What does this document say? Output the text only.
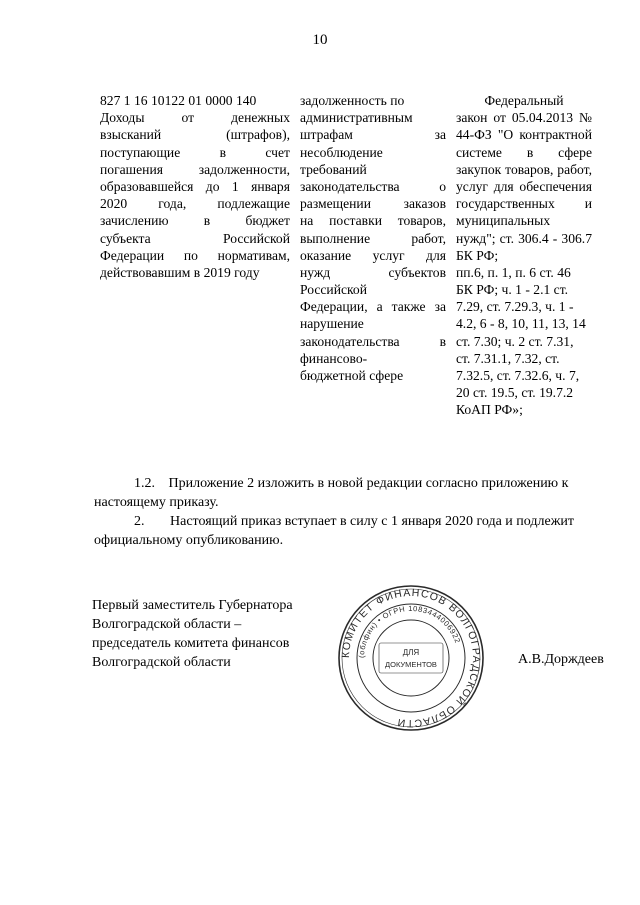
10
827 1 16 10122 01 0000 140
Доходы от денежных
взысканий (штрафов),
поступающие в счет
погашения задолженности,
образовавшейся до 1 января
2020 года, подлежащие
зачислению в бюджет
субъекта Российской
Федерации по нормативам,
действовавшим в 2019 году
задолженность по
административным
штрафам за
несоблюдение
требований
законодательства о
размещении заказов
на поставки товаров,
выполнение работ,
оказание услуг для
нужд субъектов
Российской
Федерации, а также за
нарушение
законодательства в
финансово-
бюджетной сфере
Федеральный
закон от 05.04.2013 №
44-ФЗ "О контрактной
системе в сфере
закупок товаров, работ,
услуг для обеспечения
государственных и
муниципальных
нужд"; ст. 306.4 - 306.7
БК РФ;
пп.6, п. 1, п. 6 ст. 46
БК РФ; ч. 1 - 2.1 ст.
7.29, ст. 7.29.3, ч. 1 -
4.2, 6 - 8, 10, 11, 13, 14
ст. 7.30; ч. 2 ст. 7.31,
ст. 7.31.1, 7.32, ст.
7.32.5, ст. 7.32.6, ч. 7,
20 ст. 19.5, ст. 19.7.2
КоАП РФ»;
1.2. Приложение 2 изложить в новой редакции согласно приложению к настоящему приказу.
2. Настоящий приказ вступает в силу с 1 января 2020 года и подлежит официальному опубликованию.
Первый заместитель Губернатора
Волгоградской области –
председатель комитета финансов
Волгоградской области
КОМИТЕТ ФИНАНСОВ ВОЛГОГРАДСКОЙ ОБЛАСТИ
(облфин) • ОГРН 1083444006922
ДЛЯ
ДОКУМЕНТОВ	А.В.Дорждеев
